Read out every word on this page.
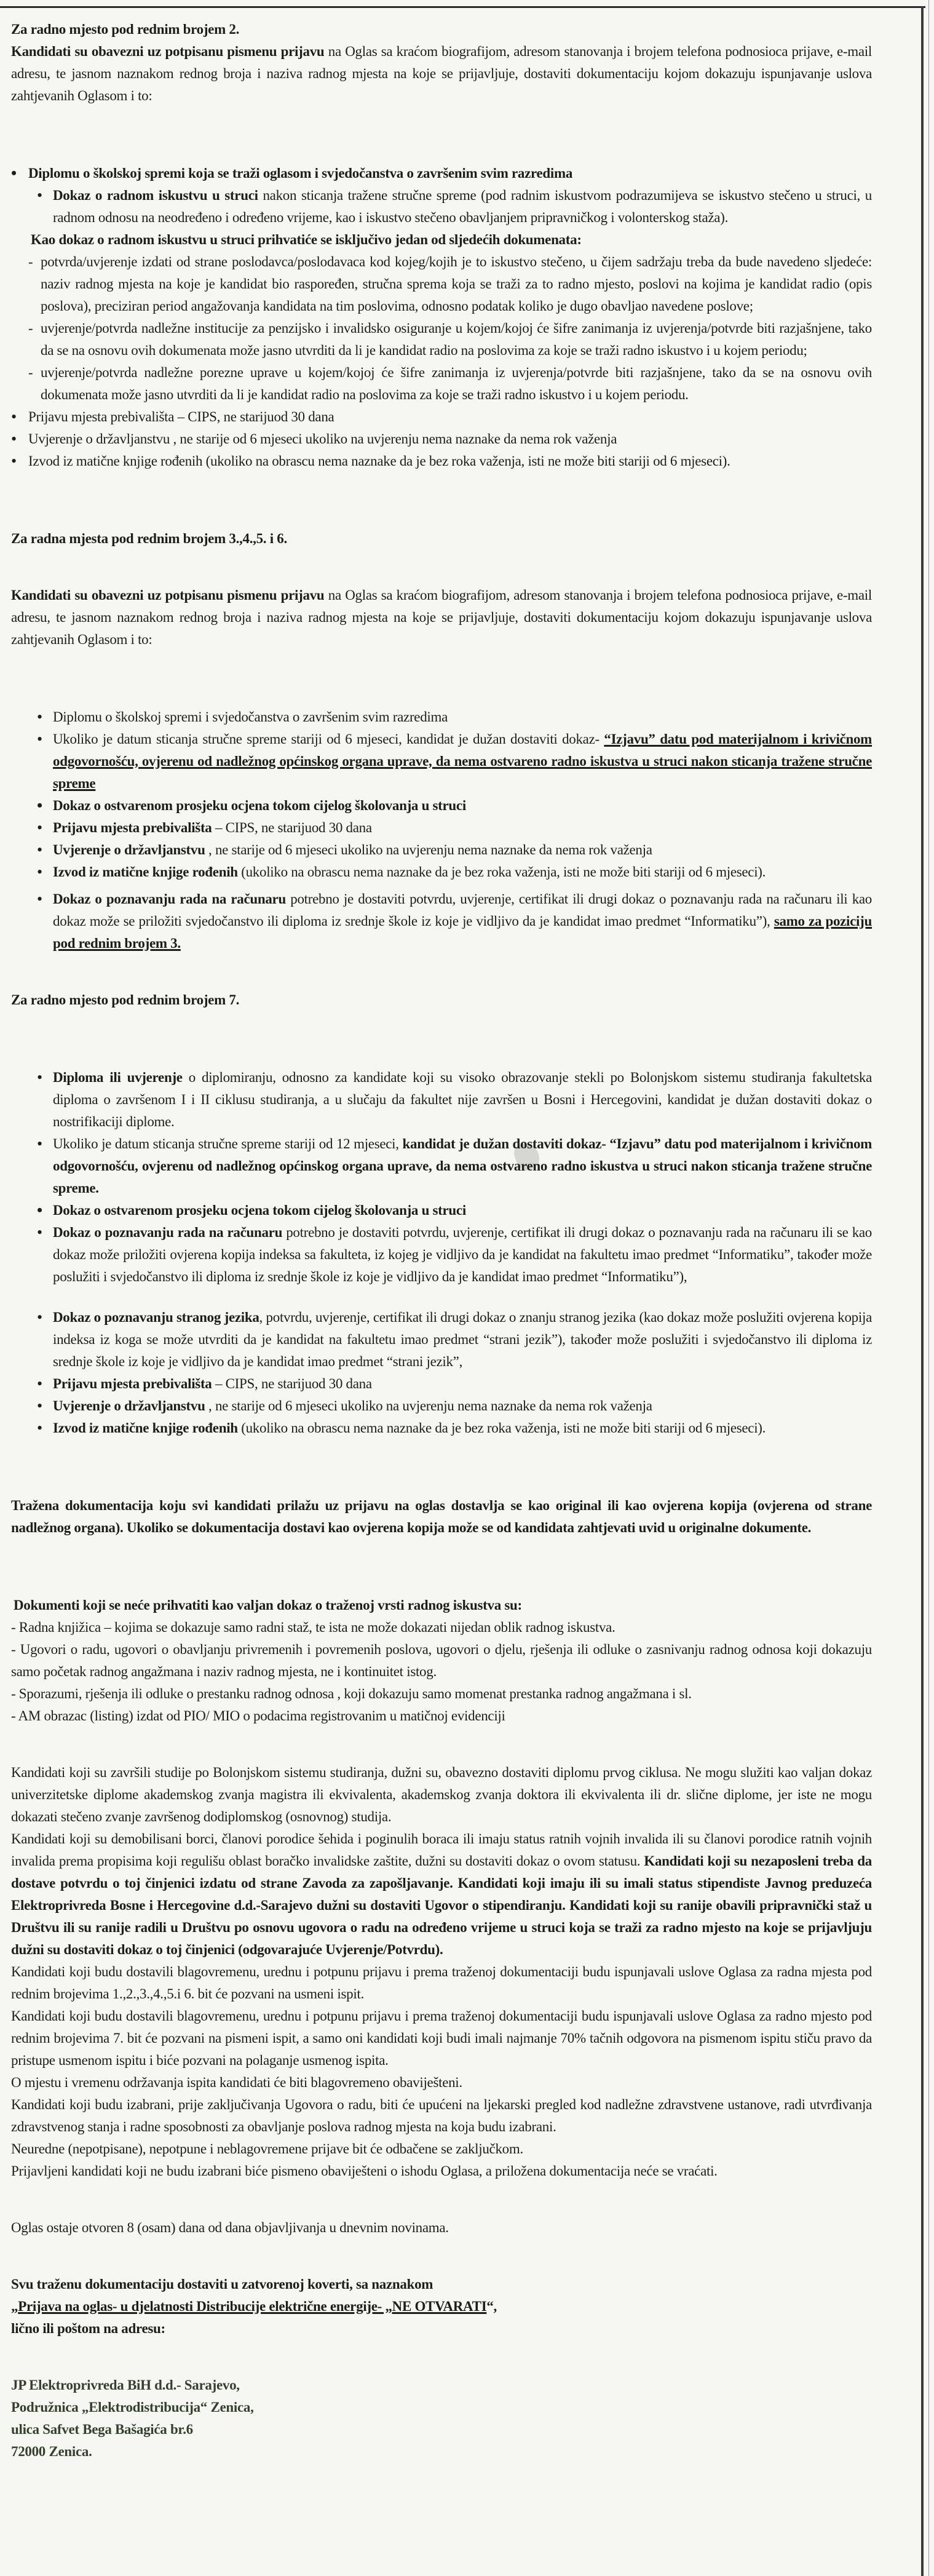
Za radno mjesto pod rednim brojem 2.

Kandidati su obavezni uz potpisanu pismenu prijavu na Oglas sa kraćom biografijom, adresom stanovanja i brojem telefona podnosioca prijave, e-mail adresu, te jasnom naznakom rednog broja i naziva radnog mjesta na koje se prijavljuje, dostaviti dokumentaciju kojom dokazuju ispunjavanje uslova zahtjevanih Oglasom i to:

• Diplomu o školskoj spremi koja se traži oglasom i svjedočanstva o završenim svim razredima
• Dokaz o radnom iskustvu u struci nakon sticanja tražene stručne spreme (pod radnim iskustvom podrazumijeva se iskustvo stečeno u struci, u radnom odnosu na neodređeno i određeno vrijeme, kao i iskustvo stečeno obavljanjem pripravničkog i volonterskog staža).

Kao dokaz o radnom iskustvu u struci prihvatiće se isključivo jedan od sljedećih dokumenata:

- potvrda/uvjerenje izdati od strane poslodavca/poslodavaca kod kojeg/kojih je to iskustvo stečeno, u čijem sadržaju treba da bude navedeno sljedeće: naziv radnog mjesta na koje je kandidat bio raspoređen, stručna sprema koja se traži za to radno mjesto, poslovi na kojima je kandidat radio (opis poslova), preciziran period angažovanja kandidata na tim poslovima, odnosno podatak koliko je dugo obavljao navedene poslove;
- uvjerenje/potvrda nadležne institucije za penzijsko i invalidsko osiguranje u kojem/kojoj će šifre zanimanja iz uvjerenja/potvrde biti razjašnjene, tako da se na osnovu ovih dokumenata može jasno utvrditi da li je kandidat radio na poslovima za koje se traži radno iskustvo i u kojem periodu;
- uvjerenje/potvrda nadležne porezne uprave u kojem/kojoj će šifre zanimanja iz uvjerenja/potvrde biti razjašnjene, tako da se na osnovu ovih dokumenata može jasno utvrditi da li je kandidat radio na poslovima za koje se traži radno iskustvo i u kojem periodu.
• Prijavu mjesta prebivališta – CIPS, ne starijuod 30 dana
• Uvjerenje o državljanstvu , ne starije od 6 mjeseci ukoliko na uvjerenju nema naznake da nema rok važenja
• Izvod iz matične knjige rođenih (ukoliko na obrascu nema naznake da je bez roka važenja, isti ne može biti stariji od 6 mjeseci).

Za radna mjesta pod rednim brojem 3.,4.,5. i 6.

Kandidati su obavezni uz potpisanu pismenu prijavu na Oglas sa kraćom biografijom, adresom stanovanja i brojem telefona podnosioca prijave, e-mail adresu, te jasnom naznakom rednog broja i naziva radnog mjesta na koje se prijavljuje, dostaviti dokumentaciju kojom dokazuju ispunjavanje uslova zahtjevanih Oglasom i to:

• Diplomu o školskoj spremi i svjedočanstva o završenim svim razredima
• Ukoliko je datum sticanja stručne spreme stariji od 6 mjeseci, kandidat je dužan dostaviti dokaz- “Izjavu” datu pod materijalnom i krivičnom odgovornošću, ovjerenu od nadležnog općinskog organa uprave, da nema ostvareno radno iskustva u struci nakon sticanja tražene stručne spreme
• Dokaz o ostvarenom prosjeku ocjena tokom cijelog školovanja u struci
• Prijavu mjesta prebivališta – CIPS, ne starijuod 30 dana
• Uvjerenje o državljanstvu , ne starije od 6 mjeseci ukoliko na uvjerenju nema naznake da nema rok važenja
• Izvod iz matične knjige rođenih (ukoliko na obrascu nema naznake da je bez roka važenja, isti ne može biti stariji od 6 mjeseci).
• Dokaz o poznavanju rada na računaru potrebno je dostaviti potvrdu, uvjerenje, certifikat ili drugi dokaz o poznavanju rada na računaru ili kao dokaz može se priložiti svjedočanstvo ili diploma iz srednje škole iz koje je vidljivo da je kandidat imao predmet “Informatiku”), samo za poziciju pod rednim brojem 3.

Za radno mjesto pod rednim brojem 7.

• Diploma ili uvjerenje o diplomiranju, odnosno za kandidate koji su visoko obrazovanje stekli po Bolonjskom sistemu studiranja fakultetska diploma o završenom I i II ciklusu studiranja, a u slučaju da fakultet nije završen u Bosni i Hercegovini, kandidat je dužan dostaviti dokaz o nostrifikaciji diplome.
• Ukoliko je datum sticanja stručne spreme stariji od 12 mjeseci, kandidat je dužan dostaviti dokaz- “Izjavu” datu pod materijalnom i krivičnom odgovornošću, ovjerenu od nadležnog općinskog organa uprave, da nema ostvareno radno iskustva u struci nakon sticanja tražene stručne spreme.
• Dokaz o ostvarenom prosjeku ocjena tokom cijelog školovanja u struci
• Dokaz o poznavanju rada na računaru potrebno je dostaviti potvrdu, uvjerenje, certifikat ili drugi dokaz o poznavanju rada na računaru ili se kao dokaz može priložiti ovjerena kopija indeksa sa fakulteta, iz kojeg je vidljivo da je kandidat na fakultetu imao predmet “Informatiku”, također može poslužiti i svjedočanstvo ili diploma iz srednje škole iz koje je vidljivo da je kandidat imao predmet “Informatiku”),
• Dokaz o poznavanju stranog jezika, potvrdu, uvjerenje, certifikat ili drugi dokaz o znanju stranog jezika (kao dokaz može poslužiti ovjerena kopija indeksa iz koga se može utvrditi da je kandidat na fakultetu imao predmet “strani jezik”), također može poslužiti i svjedočanstvo ili diploma iz srednje škole iz koje je vidljivo da je kandidat imao predmet “strani jezik”,
• Prijavu mjesta prebivališta – CIPS, ne starijuod 30 dana
• Uvjerenje o državljanstvu , ne starije od 6 mjeseci ukoliko na uvjerenju nema naznake da nema rok važenja
• Izvod iz matične knjige rođenih (ukoliko na obrascu nema naznake da je bez roka važenja, isti ne može biti stariji od 6 mjeseci).

Tražena dokumentacija koju svi kandidati prilažu uz prijavu na oglas dostavlja se kao original ili kao ovjerena kopija (ovjerena od strane nadležnog organa). Ukoliko se dokumentacija dostavi kao ovjerena kopija može se od kandidata zahtjevati uvid u originalne dokumente.

Dokumenti koji se neće prihvatiti kao valjan dokaz o traženoj vrsti radnog iskustva su:

- Radna knjižica – kojima se dokazuje samo radni staž, te ista ne može dokazati nijedan oblik radnog iskustva.

- Ugovori o radu, ugovori o obavljanju privremenih i povremenih poslova, ugovori o djelu, rješenja ili odluke o zasnivanju radnog odnosa koji dokazuju samo početak radnog angažmana i naziv radnog mjesta, ne i kontinuitet istog.

- Sporazumi, rješenja ili odluke o prestanku radnog odnosa , koji dokazuju samo momenat prestanka radnog angažmana i sl.

- AM obrazac (listing) izdat od PIO/ MIO o podacima registrovanim u matičnoj evidenciji

Kandidati koji su završili studije po Bolonjskom sistemu studiranja, dužni su, obavezno dostaviti diplomu prvog ciklusa. Ne mogu služiti kao valjan dokaz univerzitetske diplome akademskog zvanja magistra ili ekvivalenta, akademskog zvanja doktora ili ekvivalenta ili dr. slične diplome, jer iste ne mogu dokazati stečeno zvanje završenog dodiplomskog (osnovnog) studija.

Kandidati koji su demobilisani borci, članovi porodice šehida i poginulih boraca ili imaju status ratnih vojnih invalida ili su članovi porodice ratnih vojnih invalida prema propisima koji regulišu oblast boračko invalidske zaštite, dužni su dostaviti dokaz o ovom statusu. Kandidati koji su nezaposleni treba da dostave potvrdu o toj činjenici izdatu od strane Zavoda za zapošljavanje. Kandidati koji imaju ili su imali status stipendiste Javnog preduzeća Elektroprivreda Bosne i Hercegovine d.d.-Sarajevo dužni su dostaviti Ugovor o stipendiranju. Kandidati koji su ranije obavili pripravnički staž u Društvu ili su ranije radili u Društvu po osnovu ugovora o radu na određeno vrijeme u struci koja se traži za radno mjesto na koje se prijavljuju dužni su dostaviti dokaz o toj činjenici (odgovarajuće Uvjerenje/Potvrdu).

Kandidati koji budu dostavili blagovremenu, urednu i potpunu prijavu i prema traženoj dokumentaciji budu ispunjavali uslove Oglasa za radna mjesta pod rednim brojevima 1.,2.,3.,4.,5.i 6. bit će pozvani na usmeni ispit.

Kandidati koji budu dostavili blagovremenu, urednu i potpunu prijavu i prema traženoj dokumentaciji budu ispunjavali uslove Oglasa za radno mjesto pod rednim brojevima 7. bit će pozvani na pismeni ispit, a samo oni kandidati koji budi imali najmanje 70% tačnih odgovora na pismenom ispitu stiču pravo da pristupe usmenom ispitu i biće pozvani na polaganje usmenog ispita.

O mjestu i vremenu održavanja ispita kandidati će biti blagovremeno obaviješteni.

Kandidati koji budu izabrani, prije zaključivanja Ugovora o radu, biti će upućeni na ljekarski pregled kod nadležne zdravstvene ustanove, radi utvrđivanja zdravstvenog stanja i radne sposobnosti za obavljanje poslova radnog mjesta na koja budu izabrani.

Neuredne (nepotpisane), nepotpune i neblagovremene prijave bit će odbačene se zaključkom.

Prijavljeni kandidati koji ne budu izabrani biće pismeno obaviješteni o ishodu Oglasa, a priložena dokumentacija neće se vraćati.

Oglas ostaje otvoren 8 (osam) dana od dana objavljivanja u dnevnim novinama.

Svu traženu dokumentaciju dostaviti u zatvorenoj koverti, sa naznakom

„Prijava na oglas- u djelatnosti Distribucije električne energije- „NE OTVARATI“,

lično ili poštom na adresu:

JP Elektroprivreda BiH d.d.- Sarajevo,
Podružnica „Elektrodistribucija“ Zenica,
ulica Safvet Bega Bašagića br.6
72000 Zenica.
